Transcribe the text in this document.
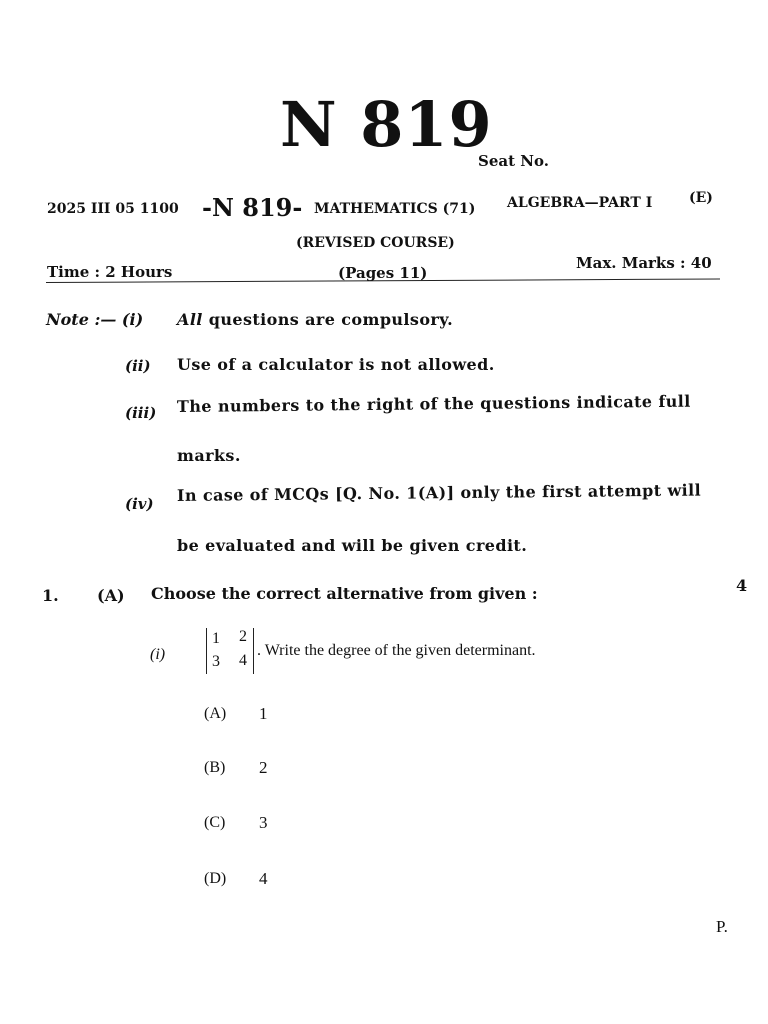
N 819
Seat No.
2025 III 05 1100 -N 819- MATHEMATICS (71) ALGEBRA—PART I	(E)
(REVISED COURSE)
Time : 2 Hours	(Pages 11)
Max. Marks : 40
Note :— (i) All questions are compulsory.
(ii) Use of a calculator is not allowed.
(iii) The numbers to the right of the questions indicate full
marks.
(iv) In case of MCQs [Q. No. 1(A)] only the first attempt will
be evaluated and will be given credit.
1. (A) Choose the correct alternative from given :	4
(i)
1 2
3 4
. Write the degree of the given determinant.
(A) 1
(B) 2
(C) 3
(D) 4
P.
